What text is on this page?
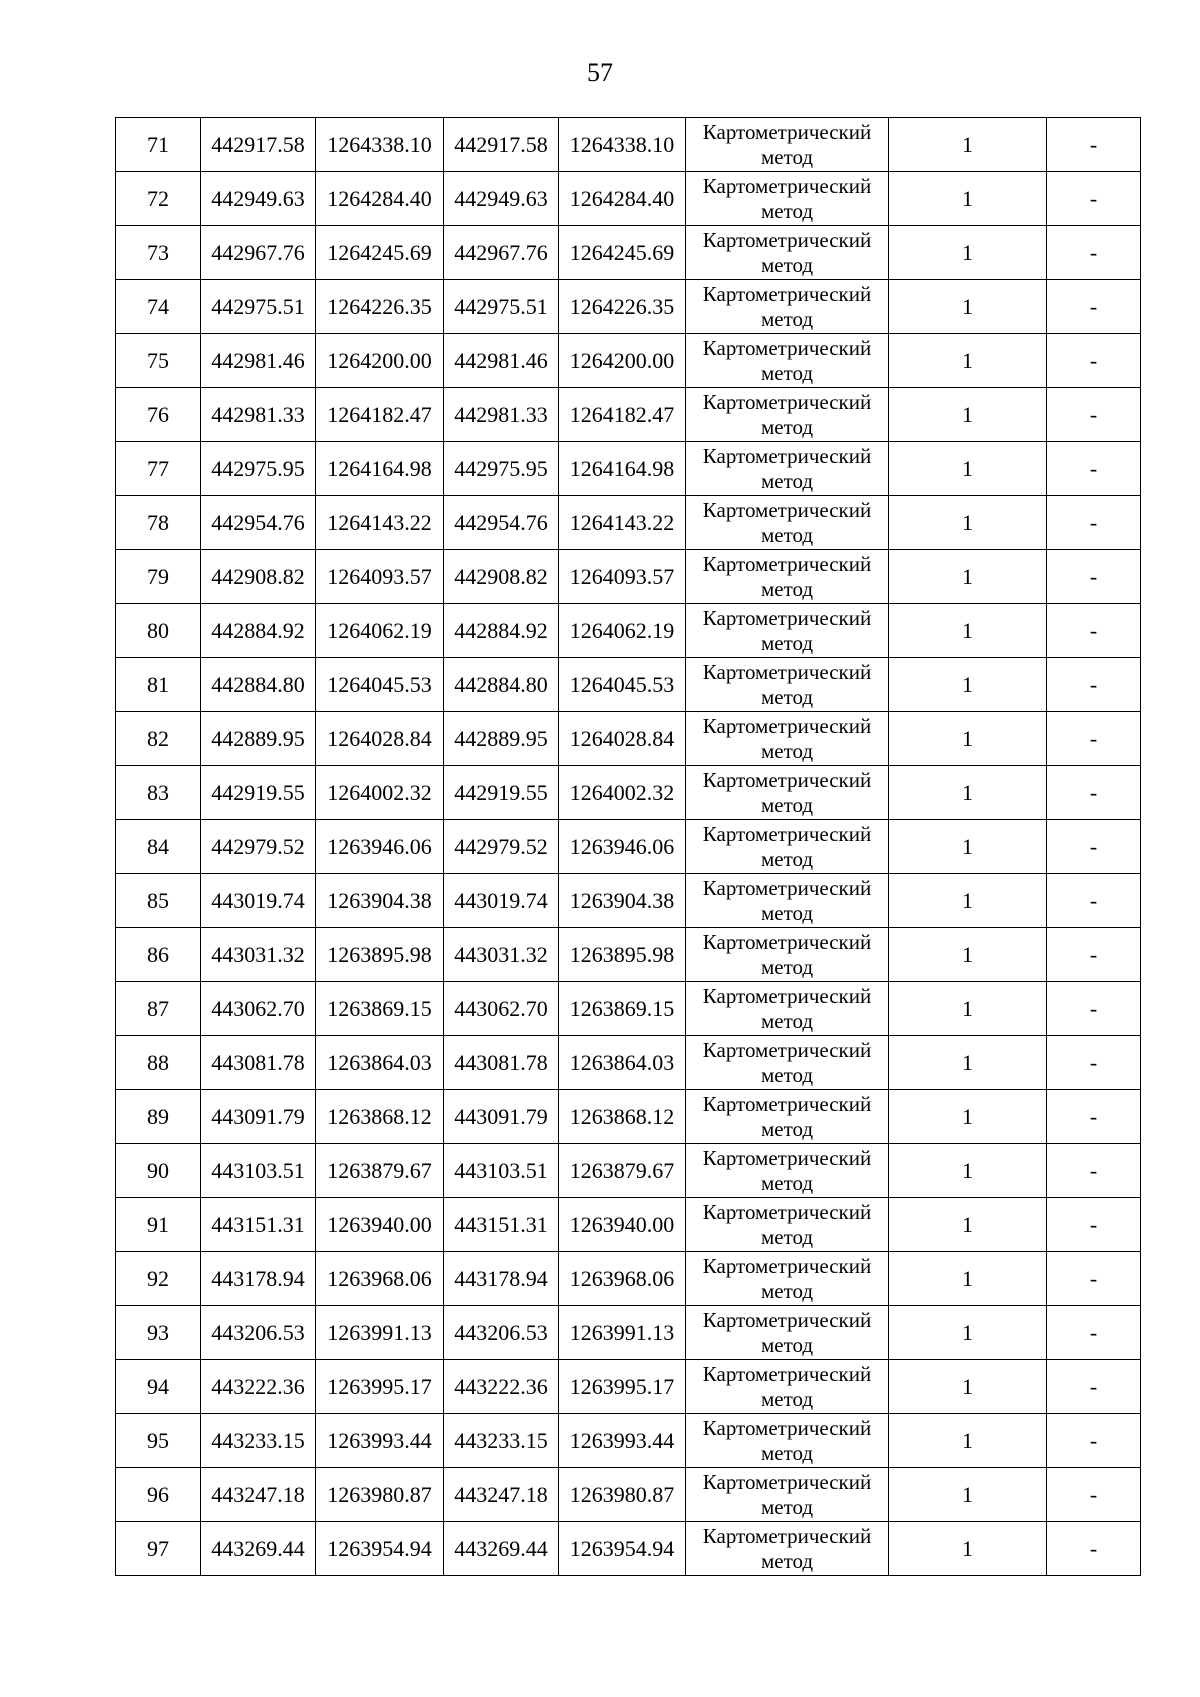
57
71	442917.58	1264338.10	442917.58	1264338.10	Картометрический метод	1	-
72	442949.63	1264284.40	442949.63	1264284.40	Картометрический метод	1	-
73	442967.76	1264245.69	442967.76	1264245.69	Картометрический метод	1	-
74	442975.51	1264226.35	442975.51	1264226.35	Картометрический метод	1	-
75	442981.46	1264200.00	442981.46	1264200.00	Картометрический метод	1	-
76	442981.33	1264182.47	442981.33	1264182.47	Картометрический метод	1	-
77	442975.95	1264164.98	442975.95	1264164.98	Картометрический метод	1	-
78	442954.76	1264143.22	442954.76	1264143.22	Картометрический метод	1	-
79	442908.82	1264093.57	442908.82	1264093.57	Картометрический метод	1	-
80	442884.92	1264062.19	442884.92	1264062.19	Картометрический метод	1	-
81	442884.80	1264045.53	442884.80	1264045.53	Картометрический метод	1	-
82	442889.95	1264028.84	442889.95	1264028.84	Картометрический метод	1	-
83	442919.55	1264002.32	442919.55	1264002.32	Картометрический метод	1	-
84	442979.52	1263946.06	442979.52	1263946.06	Картометрический метод	1	-
85	443019.74	1263904.38	443019.74	1263904.38	Картометрический метод	1	-
86	443031.32	1263895.98	443031.32	1263895.98	Картометрический метод	1	-
87	443062.70	1263869.15	443062.70	1263869.15	Картометрический метод	1	-
88	443081.78	1263864.03	443081.78	1263864.03	Картометрический метод	1	-
89	443091.79	1263868.12	443091.79	1263868.12	Картометрический метод	1	-
90	443103.51	1263879.67	443103.51	1263879.67	Картометрический метод	1	-
91	443151.31	1263940.00	443151.31	1263940.00	Картометрический метод	1	-
92	443178.94	1263968.06	443178.94	1263968.06	Картометрический метод	1	-
93	443206.53	1263991.13	443206.53	1263991.13	Картометрический метод	1	-
94	443222.36	1263995.17	443222.36	1263995.17	Картометрический метод	1	-
95	443233.15	1263993.44	443233.15	1263993.44	Картометрический метод	1	-
96	443247.18	1263980.87	443247.18	1263980.87	Картометрический метод	1	-
97	443269.44	1263954.94	443269.44	1263954.94	Картометрический метод	1	-
